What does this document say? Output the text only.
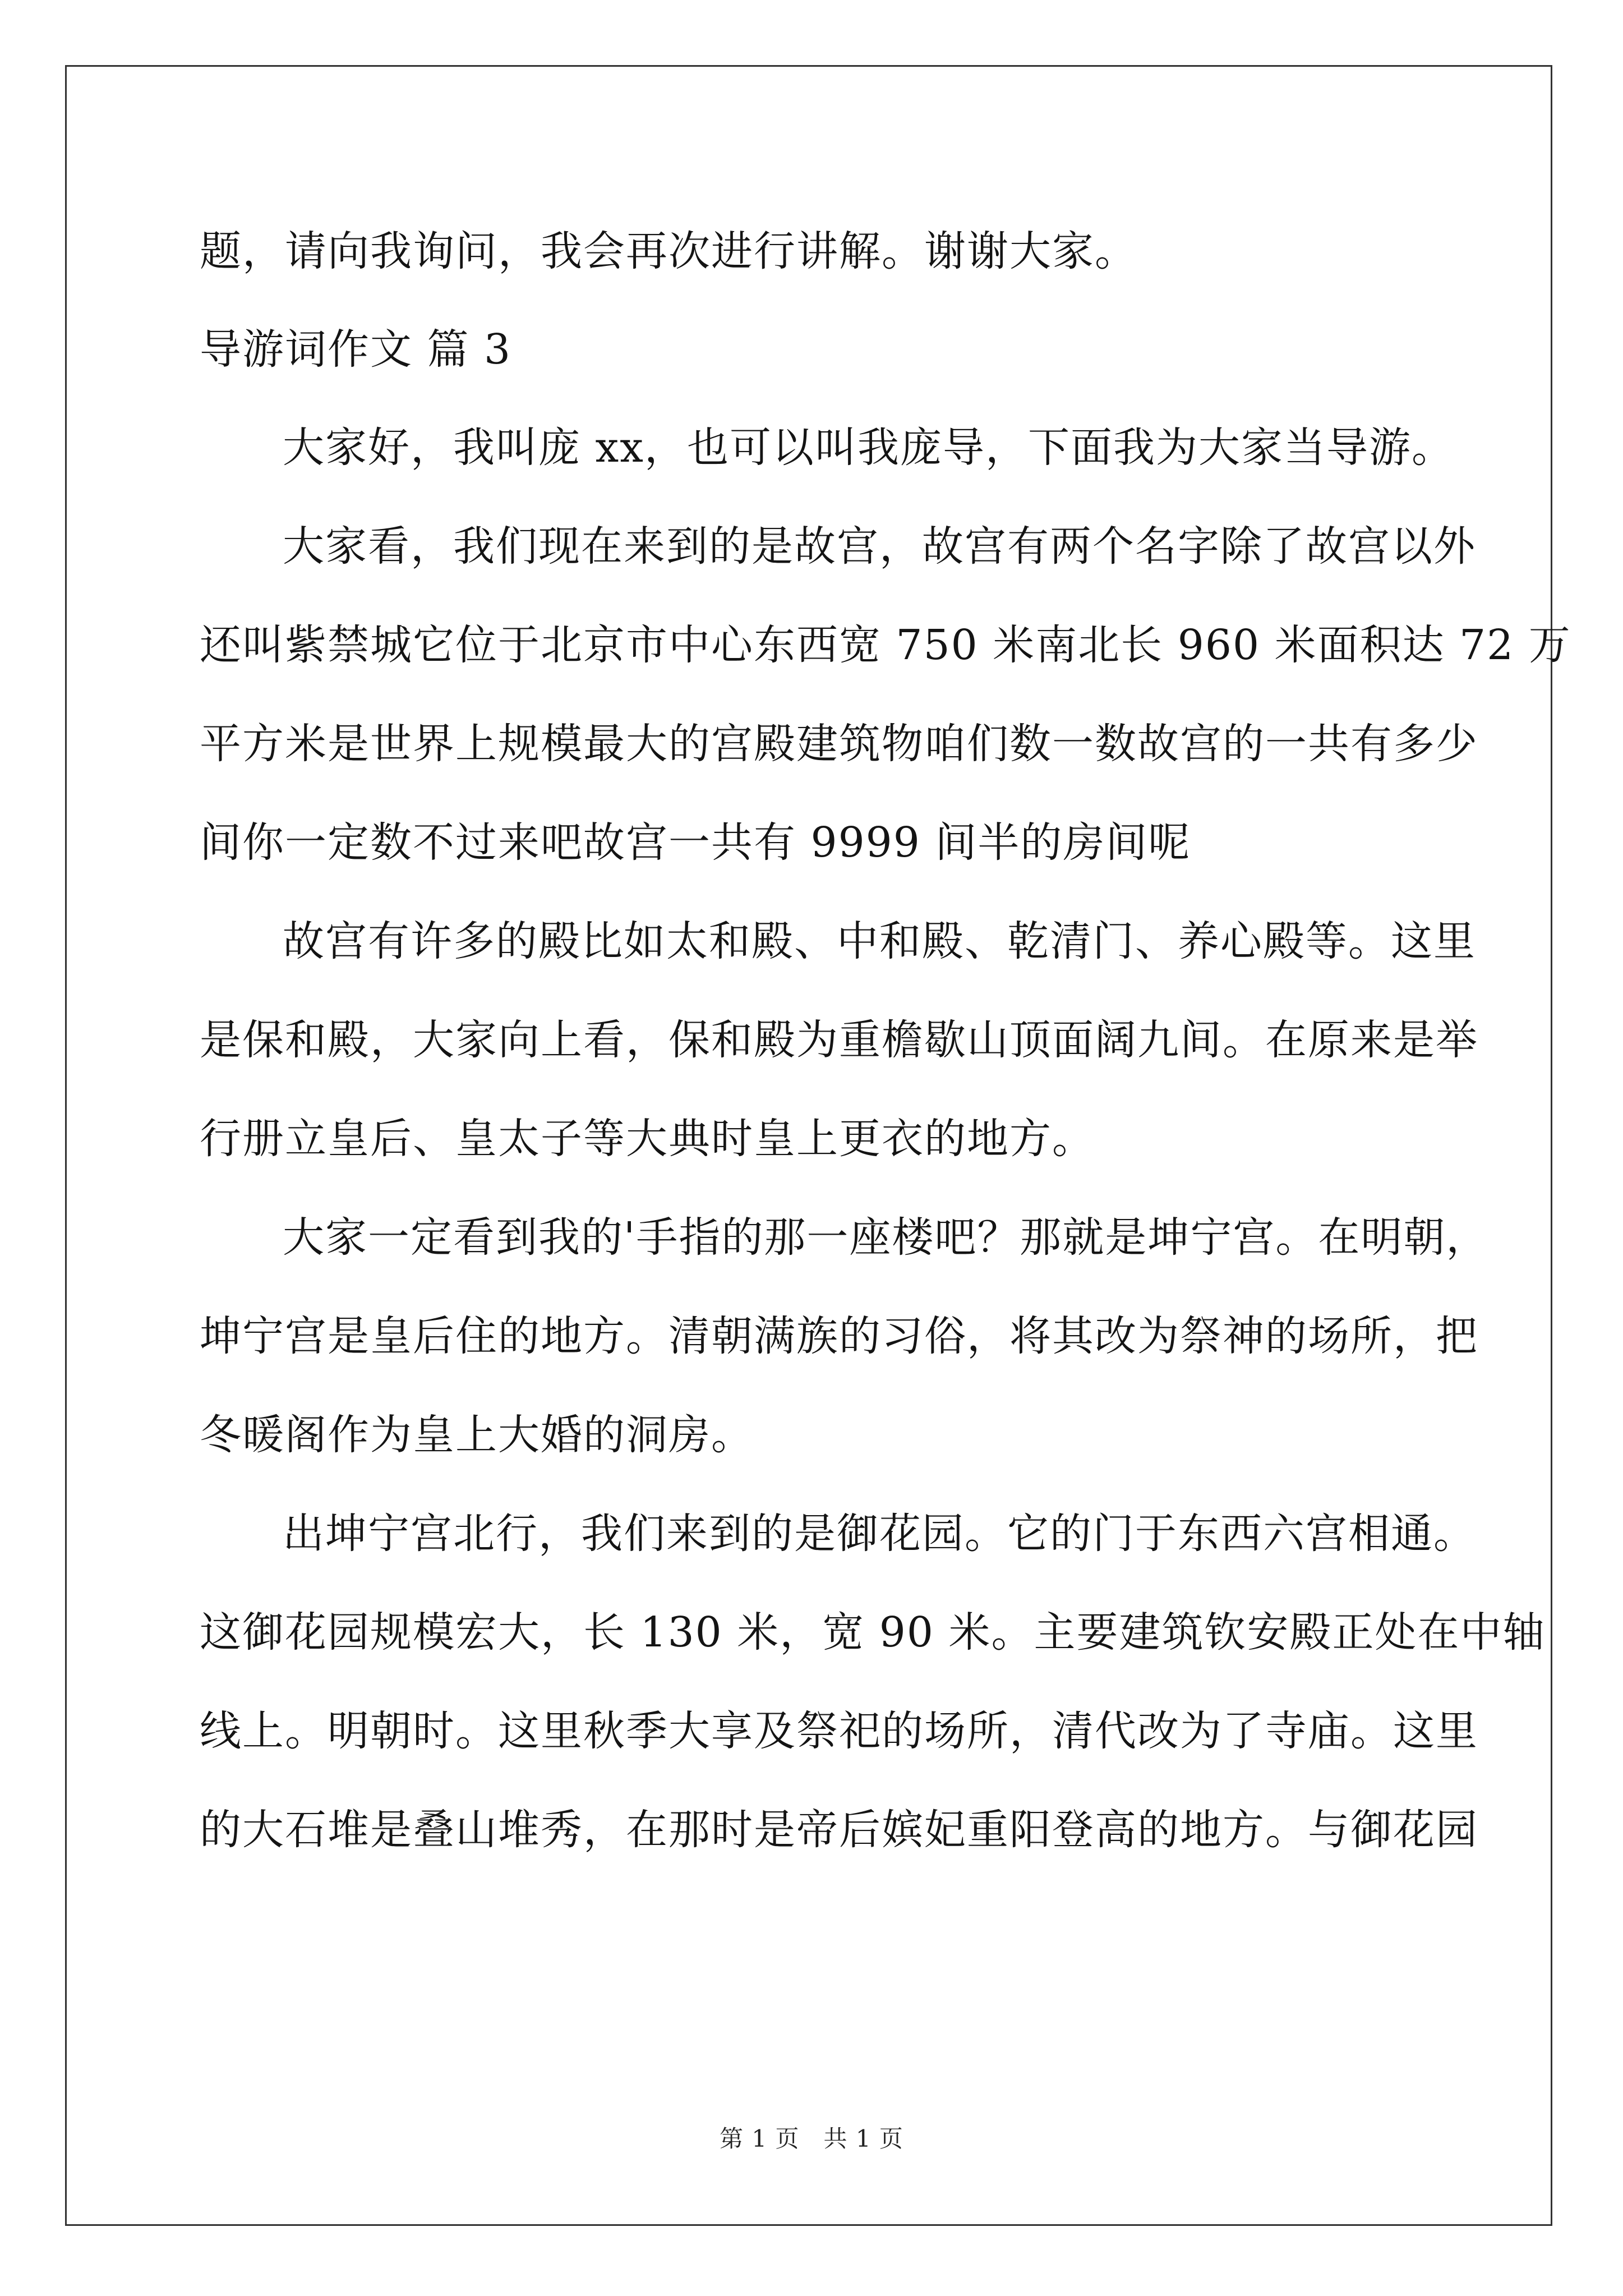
题，请向我询问，我会再次进行讲解。谢谢大家。
导游词作文 篇 3
大家好，我叫庞 xx，也可以叫我庞导，下面我为大家当导游。
大家看，我们现在来到的是故宫，故宫有两个名字除了故宫以外
还叫紫禁城它位于北京市中心东西宽 750 米南北长 960 米面积达 72 万
平方米是世界上规模最大的宫殿建筑物咱们数一数故宫的一共有多少
间你一定数不过来吧故宫一共有 9999 间半的房间呢
故宫有许多的殿比如太和殿、中和殿、乾清门、养心殿等。这里
是保和殿，大家向上看，保和殿为重檐歇山顶面阔九间。在原来是举
行册立皇后、皇太子等大典时皇上更衣的地方。
大家一定看到我的'手指的那一座楼吧？那就是坤宁宫。在明朝，
坤宁宫是皇后住的地方。清朝满族的习俗，将其改为祭神的场所，把
冬暖阁作为皇上大婚的洞房。
出坤宁宫北行，我们来到的是御花园。它的门于东西六宫相通。
这御花园规模宏大，长 130 米，宽 90 米。主要建筑钦安殿正处在中轴
线上。明朝时。这里秋季大享及祭祀的场所，清代改为了寺庙。这里
的大石堆是叠山堆秀，在那时是帝后嫔妃重阳登高的地方。与御花园
第 1 页　共 1 页
